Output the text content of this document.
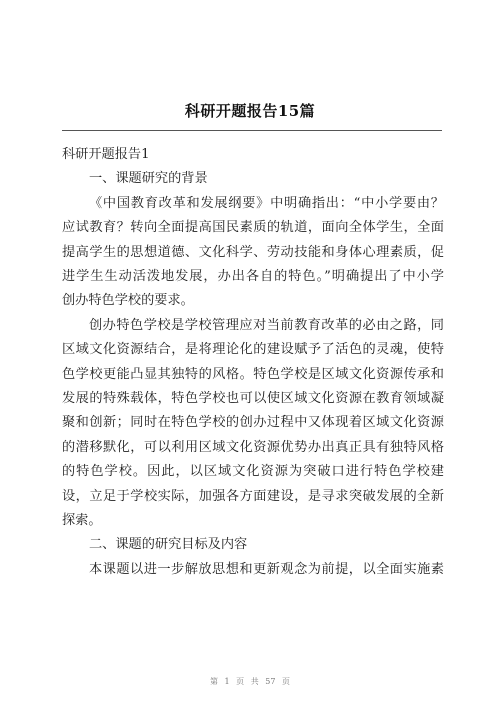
科研开题报告15篇
科研开题报告1
一、课题研究的背景
《中国教育改革和发展纲要》中明确指出：“中小学要由？
应试教育？转向全面提高国民素质的轨道，面向全体学生，全面
提高学生的思想道德、文化科学、劳动技能和身体心理素质，促
进学生生动活泼地发展，办出各自的特色。”明确提出了中小学
创办特色学校的要求。
创办特色学校是学校管理应对当前教育改革的必由之路，同
区域文化资源结合，是将理论化的建设赋予了活色的灵魂，使特
色学校更能凸显其独特的风格。特色学校是区域文化资源传承和
发展的特殊载体，特色学校也可以使区域文化资源在教育领域凝
聚和创新；同时在特色学校的创办过程中又体现着区域文化资源
的潜移默化，可以利用区域文化资源优势办出真正具有独特风格
的特色学校。因此，以区域文化资源为突破口进行特色学校建
设，立足于学校实际，加强各方面建设，是寻求突破发展的全新
探索。
二、课题的研究目标及内容
本课题以进一步解放思想和更新观念为前提，以全面实施素
第 1 页 共 57 页
